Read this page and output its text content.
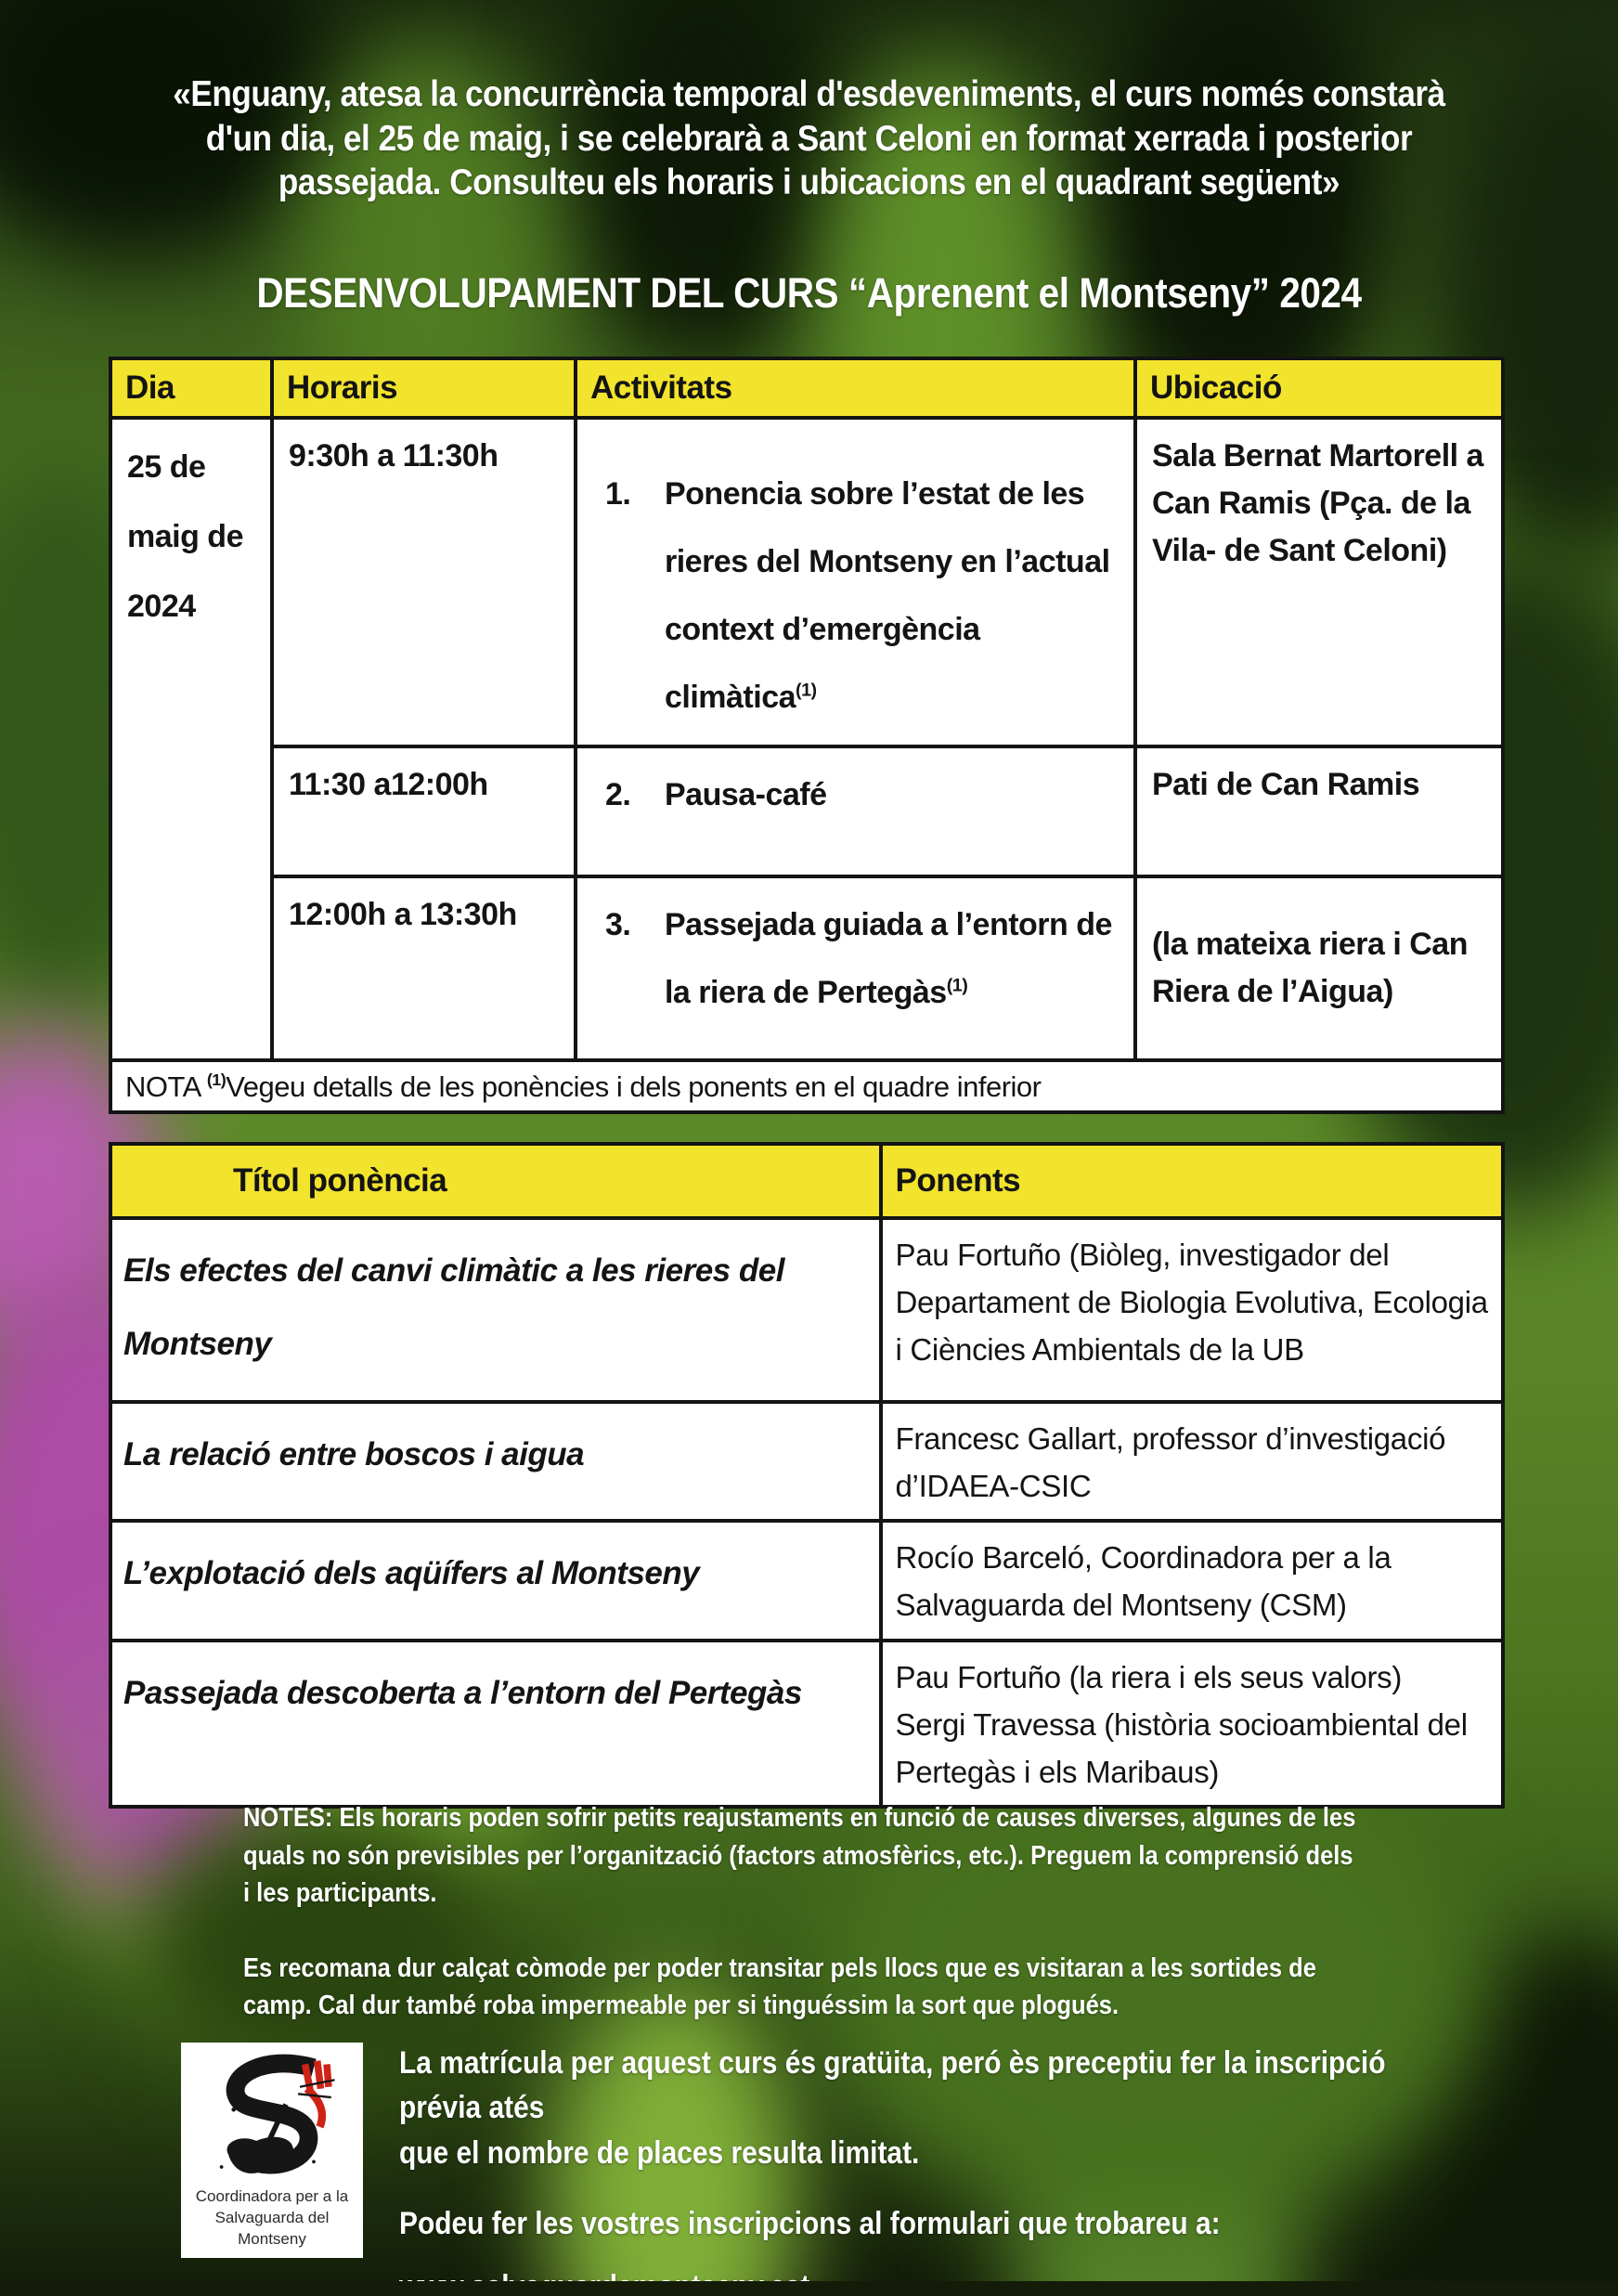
«Enguany, atesa la concurrència temporal d'esdeveniments, el curs només constarà
d'un dia, el 25 de maig, i se celebrarà a Sant Celoni en format xerrada i posterior
passejada. Consulteu els horaris i ubicacions en el quadrant següent»
DESENVOLUPAMENT DEL CURS “Aprenent el Montseny” 2024
Dia	Horaris	Activitats	Ubicació
25 de maig de 2024	9:30h a 11:30h	1. Ponencia sobre l’estat de les rieres del Montseny en l’actual context d’emergència climàtica$^{(1)}$	Sala Bernat Martorell a Can Ramis (Pça. de la Vila- de Sant Celoni)
	11:30 a12:00h	2. Pausa-café	Pati de Can Ramis
	12:00h a 13:30h	3. Passejada guiada a l’entorn de la riera de Pertegàs$^{(1)}$	(la mateixa riera i Can Riera de l’Aigua)
NOTA $^{(1)}$Vegeu detalls de les ponències i dels ponents en el quadre inferior			
Títol ponència	Ponents
Els efectes del canvi climàtic a les rieres del Montseny	Pau Fortuño (Biòleg, investigador del Departament de Biologia Evolutiva, Ecologia i Ciències Ambientals de la UB

La relació entre boscos i aigua	Francesc Gallart, professor d’investigació d’IDAEA-CSIC

L’explotació dels aqüífers al Montseny	Rocío Barceló, Coordinadora per a la Salvaguarda del Montseny (CSM)

Passejada descoberta a l’entorn del Pertegàs	Pau Fortuño (la riera i els seus valors)
Sergi Travessa (història socioambiental del Pertegàs i els Maribaus)
NOTES: Els horaris poden sofrir petits reajustaments en funció de causes diverses, algunes de les quals no són previsibles per l’organització (factors atmosfèrics, etc.). Preguem la comprensió dels i les participants.
Es recomana dur calçat còmode per poder transitar pels llocs que es visitaran a les sortides de camp. Cal dur també roba impermeable per si tinguéssim la sort que plogués.
Coordinadora per a la
Salvaguarda del Montseny
La matrícula per aquest curs és gratüita, peró ès preceptiu fer la inscripció prévia atés
que el nombre de places resulta limitat.
Podeu fer les vostres inscripcions al formulari que trobareu a:
